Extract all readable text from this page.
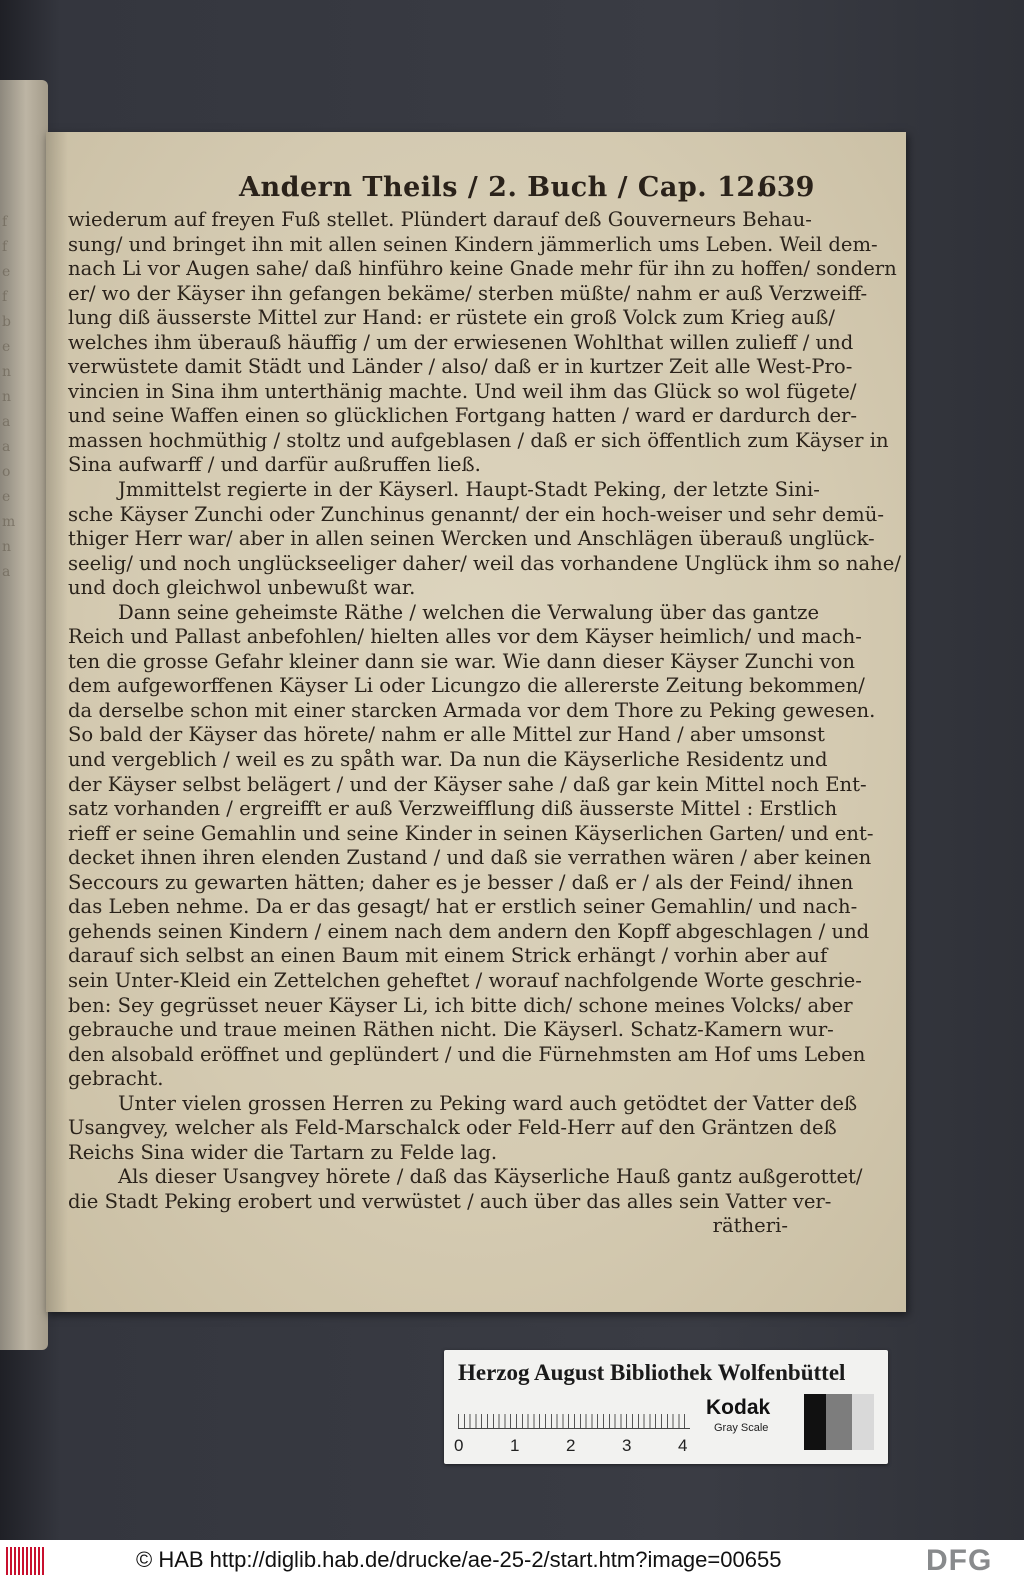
f
f
e
f
b
e
n
n
a
a
o
e
m
n
a
Andern Theils / 2. Buch / Cap. 12.
639
wiederum auf freyen Fuß stellet. Plündert darauf deß Gouverneurs Behau-
sung/ und bringet ihn mit allen seinen Kindern jämmerlich ums Leben. Weil dem-
nach Li vor Augen sahe/ daß hinführo keine Gnade mehr für ihn zu hoffen/ sondern
er/ wo der Käyser ihn gefangen bekäme/ sterben müßte/ nahm er auß Verzweiff-
lung diß äusserste Mittel zur Hand: er rüstete ein groß Volck zum Krieg auß/
welches ihm überauß häuffig / um der erwiesenen Wohlthat willen zulieff / und
verwüstete damit Städt und Länder / also/ daß er in kurtzer Zeit alle West-Pro-
vincien in Sina ihm unterthänig machte. Und weil ihm das Glück so wol fügete/
und seine Waffen einen so glücklichen Fortgang hatten / ward er dardurch der-
massen hochmüthig / stoltz und aufgeblasen / daß er sich öffentlich zum Käyser in
Sina aufwarff / und darfür außruffen ließ.
Jmmittelst regierte in der Käyserl. Haupt-Stadt Peking, der letzte Sini-
sche Käyser Zunchi oder Zunchinus genannt/ der ein hoch-weiser und sehr demü-
thiger Herr war/ aber in allen seinen Wercken und Anschlägen überauß unglück-
seelig/ und noch unglückseeliger daher/ weil das vorhandene Unglück ihm so nahe/
und doch gleichwol unbewußt war.
Dann seine geheimste Räthe / welchen die Verwalung über das gantze
Reich und Pallast anbefohlen/ hielten alles vor dem Käyser heimlich/ und mach-
ten die grosse Gefahr kleiner dann sie war. Wie dann dieser Käyser Zunchi von
dem aufgeworffenen Käyser Li oder Licungzo die allererste Zeitung bekommen/
da derselbe schon mit einer starcken Armada vor dem Thore zu Peking gewesen.
So bald der Käyser das hörete/ nahm er alle Mittel zur Hand / aber umsonst
und vergeblich / weil es zu spåth war. Da nun die Käyserliche Residentz und
der Käyser selbst belägert / und der Käyser sahe / daß gar kein Mittel noch Ent-
satz vorhanden / ergreifft er auß Verzweifflung diß äusserste Mittel : Erstlich
rieff er seine Gemahlin und seine Kinder in seinen Käyserlichen Garten/ und ent-
decket ihnen ihren elenden Zustand / und daß sie verrathen wären / aber keinen
Seccours zu gewarten hätten; daher es je besser / daß er / als der Feind/ ihnen
das Leben nehme. Da er das gesagt/ hat er erstlich seiner Gemahlin/ und nach-
gehends seinen Kindern / einem nach dem andern den Kopff abgeschlagen / und
darauf sich selbst an einen Baum mit einem Strick erhängt / vorhin aber auf
sein Unter-Kleid ein Zettelchen geheftet / worauf nachfolgende Worte geschrie-
ben: Sey gegrüsset neuer Käyser Li, ich bitte dich/ schone meines Volcks/ aber
gebrauche und traue meinen Räthen nicht. Die Käyserl. Schatz-Kamern wur-
den alsobald eröffnet und geplündert / und die Fürnehmsten am Hof ums Leben
gebracht.
Unter vielen grossen Herren zu Peking ward auch getödtet der Vatter deß
Usangvey, welcher als Feld-Marschalck oder Feld-Herr auf den Gräntzen deß
Reichs Sina wider die Tartarn zu Felde lag.
Als dieser Usangvey hörete / daß das Käyserliche Hauß gantz außgerottet/
die Stadt Peking erobert und verwüstet / auch über das alles sein Vatter ver-
rätheri-
Herzog August Bibliothek Wolfenbüttel
0	1	2	3	4
Kodak
Gray Scale
© HAB http://diglib.hab.de/drucke/ae-25-2/start.htm?image=00655	DFG
